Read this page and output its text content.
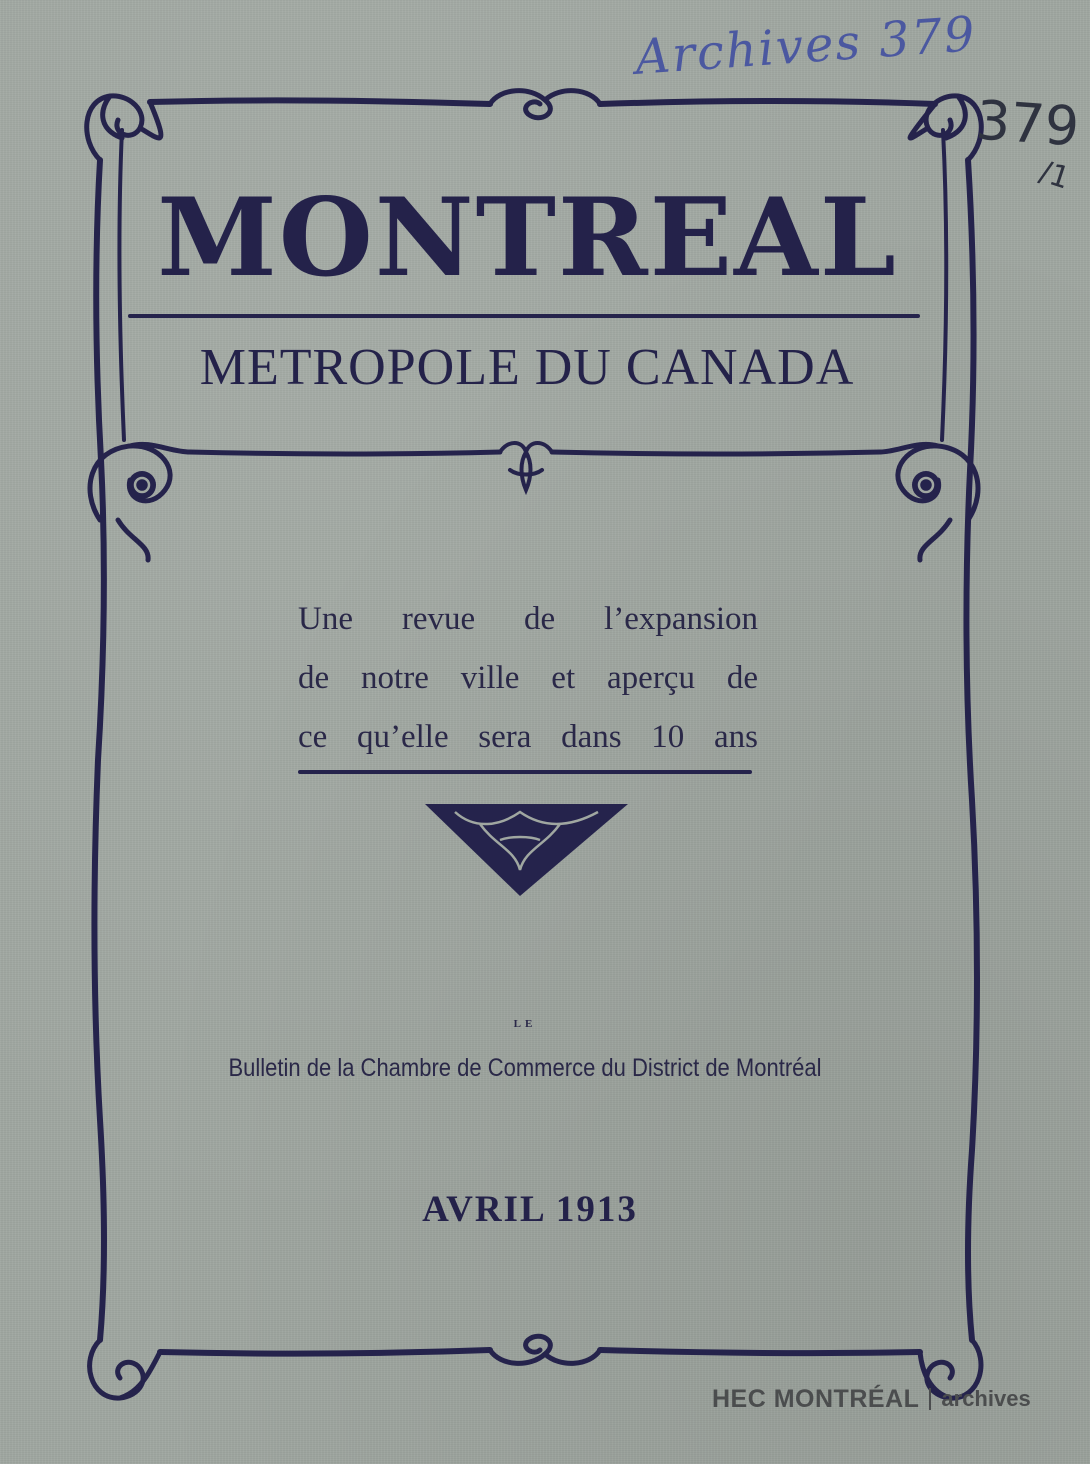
Archives 379
379
/1
MONTREAL
METROPOLE DU CANADA
Une revue de l’expansion
de notre ville et aperçu de
ce qu’elle sera dans 10 ans
LE
Bulletin de la Chambre de Commerce du District de Montréal
AVRIL 1913
HEC MONTRÉAL archives
